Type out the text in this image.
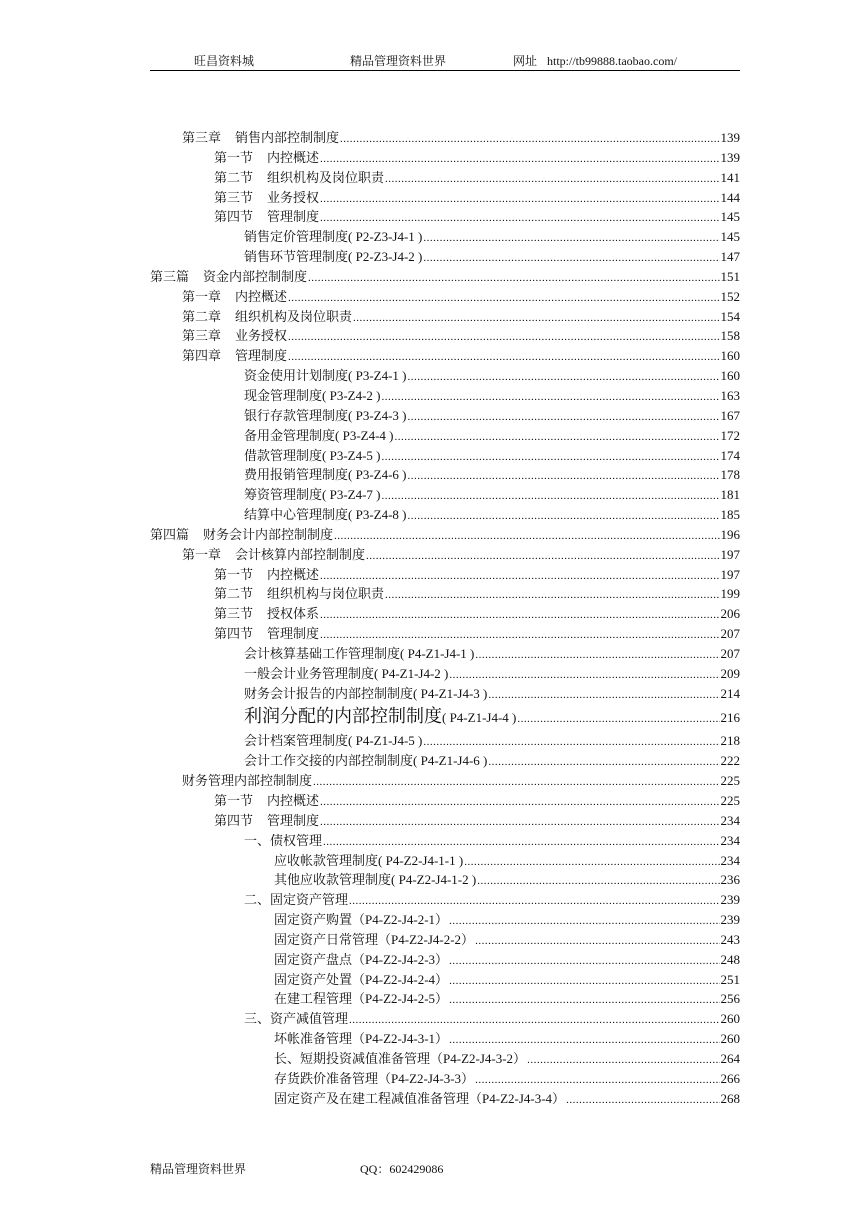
旺昌资料城	精品管理资料世界	网址 http://tb99888.taobao.com/
第三章 销售内部控制制度 .....	139
第一节 内控概述 .....	139
第二节 组织机构及岗位职责 .....	141
第三节 业务授权 .....	144
第四节 管理制度 .....	145
销售定价管理制度( P2-Z3-J4-1 ) .....	145
销售环节管理制度( P2-Z3-J4-2 ) .....	147
第三篇 资金内部控制制度 .....	151
第一章 内控概述 .....	152
第二章 组织机构及岗位职责 .....	154
第三章 业务授权 .....	158
第四章 管理制度 .....	160
资金使用计划制度( P3-Z4-1 ) .....	160
现金管理制度( P3-Z4-2 ) .....	163
银行存款管理制度( P3-Z4-3 ) .....	167
备用金管理制度( P3-Z4-4 ) .....	172
借款管理制度( P3-Z4-5 ) .....	174
费用报销管理制度( P3-Z4-6 ) .....	178
筹资管理制度( P3-Z4-7 ) .....	181
结算中心管理制度( P3-Z4-8 ) .....	185
第四篇 财务会计内部控制制度 .....	196
第一章 会计核算内部控制制度 .....	197
第一节 内控概述 .....	197
第二节 组织机构与岗位职责 .....	199
第三节 授权体系 .....	206
第四节 管理制度 .....	207
会计核算基础工作管理制度( P4-Z1-J4-1 ) .....	207
一般会计业务管理制度( P4-Z1-J4-2 ) .....	209
财务会计报告的内部控制制度( P4-Z1-J4-3 ) .....	214
利润分配的内部控制制度( P4-Z1-J4-4 ) .....	216
会计档案管理制度( P4-Z1-J4-5 ) .....	218
会计工作交接的内部控制制度( P4-Z1-J4-6 ) .....	222
财务管理内部控制制度 .....	225
第一节 内控概述 .....	225
第四节 管理制度 .....	234
一、债权管理 .....	234
应收帐款管理制度( P4-Z2-J4-1-1 ) .....	234
其他应收款管理制度( P4-Z2-J4-1-2 ) .....	236
二、固定资产管理 .....	239
固定资产购置（P4-Z2-J4-2-1） .....	239
固定资产日常管理（P4-Z2-J4-2-2） .....	243
固定资产盘点（P4-Z2-J4-2-3） .....	248
固定资产处置（P4-Z2-J4-2-4） .....	251
在建工程管理（P4-Z2-J4-2-5） .....	256
三、资产减值管理 .....	260
坏帐准备管理（P4-Z2-J4-3-1） .....	260
长、短期投资减值准备管理（P4-Z2-J4-3-2） .....	264
存货跌价准备管理（P4-Z2-J4-3-3） .....	266
固定资产及在建工程减值准备管理（P4-Z2-J4-3-4） .....	268
精品管理资料世界	QQ：602429086
